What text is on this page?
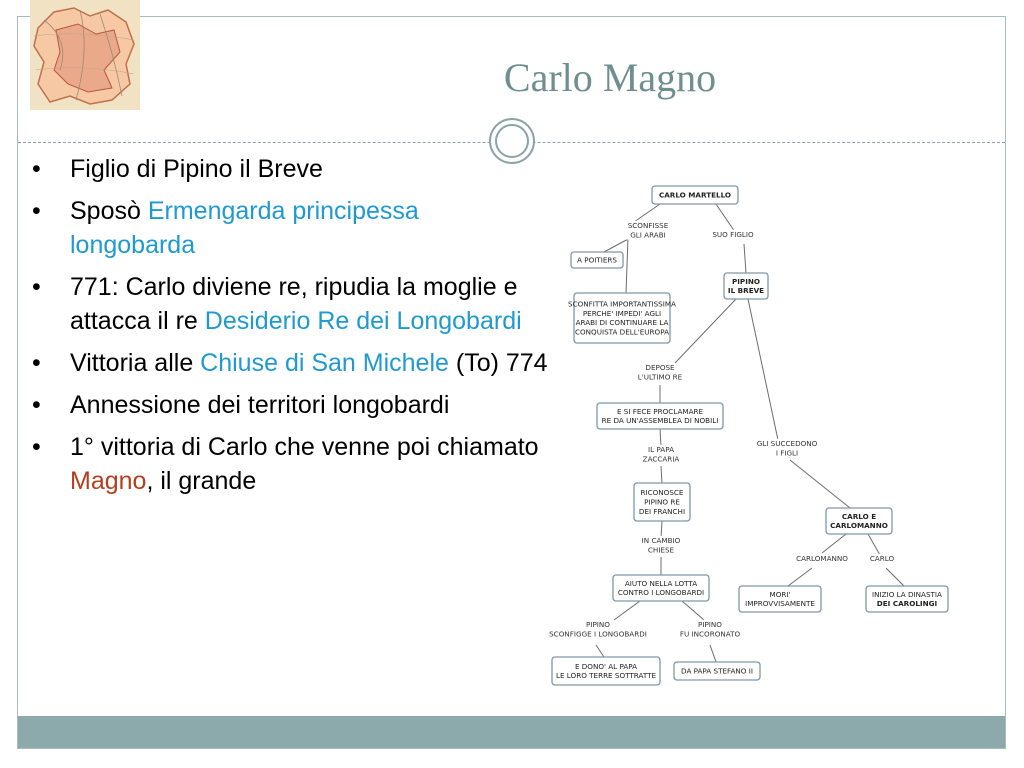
Carlo Magno
• Figlio di Pipino il Breve
• Sposò Ermengarda principessa longobarda
• 771: Carlo diviene re, ripudia la moglie e attacca il re Desiderio Re dei Longobardi
• Vittoria alle Chiuse di San Michele (To) 774
• Annessione dei territori longobardi
• 1° vittoria di Carlo che venne poi chiamato Magno, il grande
CARLO MARTELLO
A POITIERS
PIPINO
IL BREVE
SCONFITTA IMPORTANTISSIMA
PERCHE' IMPEDI' AGLI
ARABI DI CONTINUARE LA
CONQUISTA DELL'EUROPA
E SI FECE PROCLAMARE
RE DA UN'ASSEMBLEA DI NOBILI
RICONOSCE
PIPINO RE
DEI FRANCHI
CARLO E
CARLOMANNO
AIUTO NELLA LOTTA
CONTRO I LONGOBARDI	MORI'
IMPROVVISAMENTE
INIZIO LA DINASTIA
DEI CAROLINGI
E DONO' AL PAPA
LE LORO TERRE SOTTRATTE
DA PAPA STEFANO II
SCONFISSE
GLI ARABI	SUO FIGLIO
DEPOSE
L'ULTIMO RE
IL PAPA
ZACCARIA
IN CAMBIO
CHIESE
GLI SUCCEDONO
I FIGLI
CARLOMANNO	CARLO
PIPINO
SCONFIGGE I LONGOBARDI
PIPINO
FU INCORONATO
